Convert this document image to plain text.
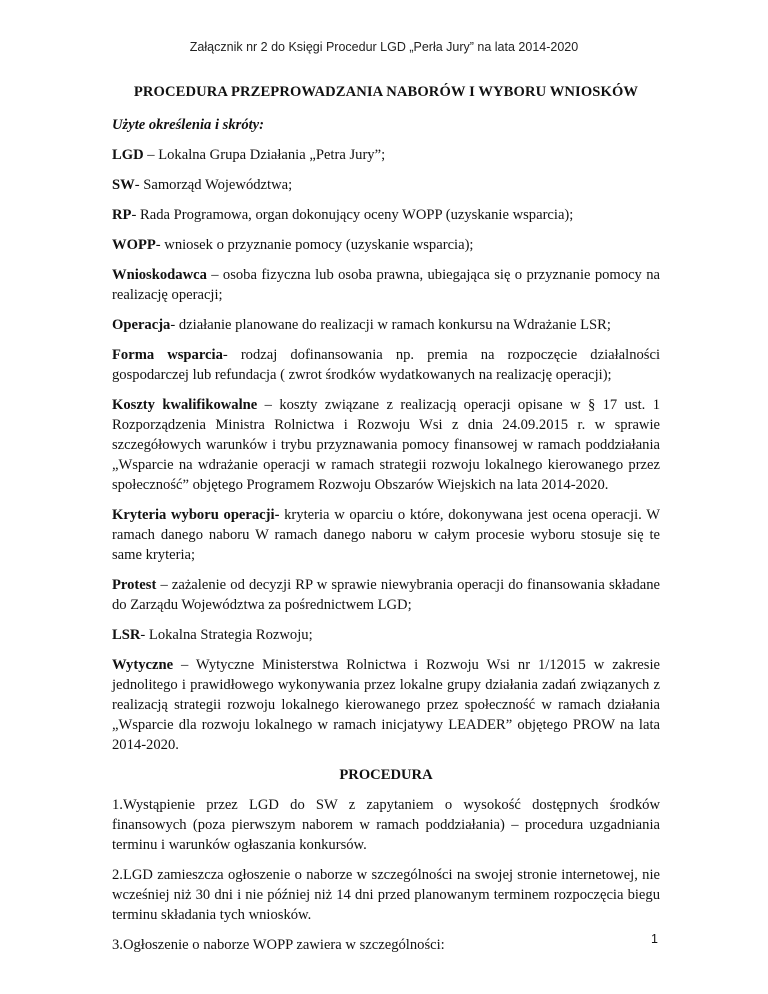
Załącznik nr 2 do Księgi Procedur LGD „Perła Jury” na lata 2014-2020
PROCEDURA PRZEPROWADZANIA NABORÓW I WYBORU WNIOSKÓW
Użyte określenia i skróty:

LGD – Lokalna Grupa Działania „Petra Jury”;

SW- Samorząd Województwa;

RP- Rada Programowa, organ dokonujący oceny WOPP (uzyskanie wsparcia);

WOPP- wniosek o przyznanie pomocy (uzyskanie wsparcia);

Wnioskodawca – osoba fizyczna lub osoba prawna, ubiegająca się o przyznanie pomocy na realizację operacji;

Operacja- działanie planowane do realizacji w ramach konkursu na Wdrażanie LSR;

Forma wsparcia- rodzaj dofinansowania np. premia na rozpoczęcie działalności gospodarczej lub refundacja ( zwrot środków wydatkowanych na realizację operacji);

Koszty kwalifikowalne – koszty związane z realizacją operacji opisane w § 17 ust. 1 Rozporządzenia Ministra Rolnictwa i Rozwoju Wsi z dnia 24.09.2015 r. w sprawie szczegółowych warunków i trybu przyznawania pomocy finansowej w ramach poddziałania „Wsparcie na wdrażanie operacji w ramach strategii rozwoju lokalnego kierowanego przez społeczność” objętego Programem Rozwoju Obszarów Wiejskich na lata 2014-2020.

Kryteria wyboru operacji- kryteria w oparciu o które, dokonywana jest ocena operacji. W ramach danego naboru W ramach danego naboru w całym procesie wyboru stosuje się te same kryteria;

Protest – zażalenie od decyzji RP w sprawie niewybrania operacji do finansowania składane do Zarządu Województwa za pośrednictwem LGD;

LSR- Lokalna Strategia Rozwoju;

Wytyczne – Wytyczne Ministerstwa Rolnictwa i Rozwoju Wsi nr 1/12015 w zakresie jednolitego i prawidłowego wykonywania przez lokalne grupy działania zadań związanych z realizacją strategii rozwoju lokalnego kierowanego przez społeczność w ramach działania „Wsparcie dla rozwoju lokalnego w ramach inicjatywy LEADER” objętego PROW na lata 2014-2020.

PROCEDURA

1.Wystąpienie przez LGD do SW z zapytaniem o wysokość dostępnych środków finansowych (poza pierwszym naborem w ramach poddziałania) – procedura uzgadniania terminu i warunków ogłaszania konkursów.

2.LGD zamieszcza ogłoszenie o naborze w szczególności na swojej stronie internetowej, nie wcześniej niż 30 dni i nie później niż 14 dni przed planowanym terminem rozpoczęcia biegu terminu składania tych wniosków.

3.Ogłoszenie o naborze WOPP zawiera w szczególności:	1
